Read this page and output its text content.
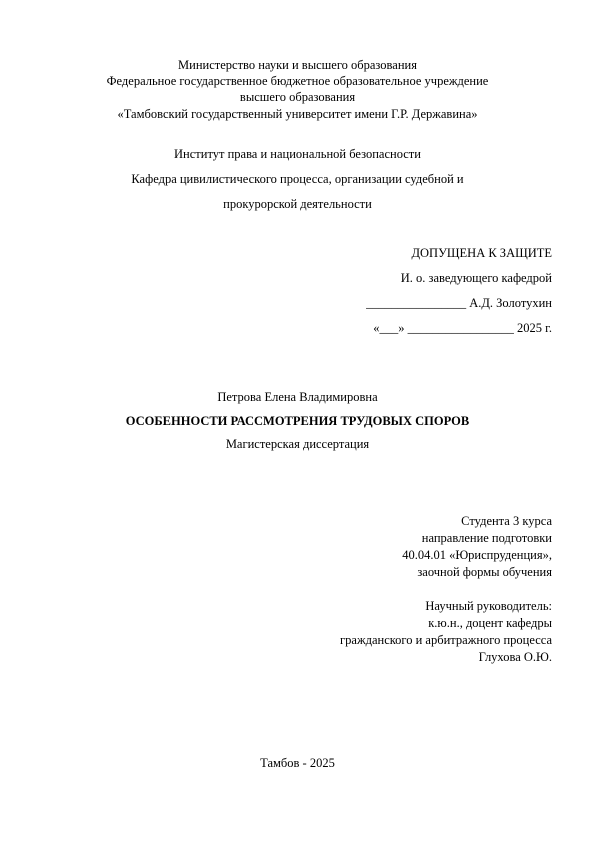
Министерство науки и высшего образования
Федеральное государственное бюджетное образовательное учреждение
высшего образования
«Тамбовский государственный университет имени Г.Р. Державина»
Институт права и национальной безопасности
Кафедра цивилистического процесса, организации судебной и
прокурорской деятельности
ДОПУЩЕНА К ЗАЩИТЕ
И. о. заведующего кафедрой
________________ А.Д. Золотухин
«___» _________________ 2025 г.
Петрова Елена Владимировна
ОСОБЕННОСТИ РАССМОТРЕНИЯ ТРУДОВЫХ СПОРОВ
Магистерская диссертация
Студента 3 курса
направление подготовки
40.04.01 «Юриспруденция»,
заочной формы обучения
Научный руководитель:
к.ю.н., доцент кафедры
гражданского и арбитражного процесса
Глухова О.Ю.
Тамбов - 2025
